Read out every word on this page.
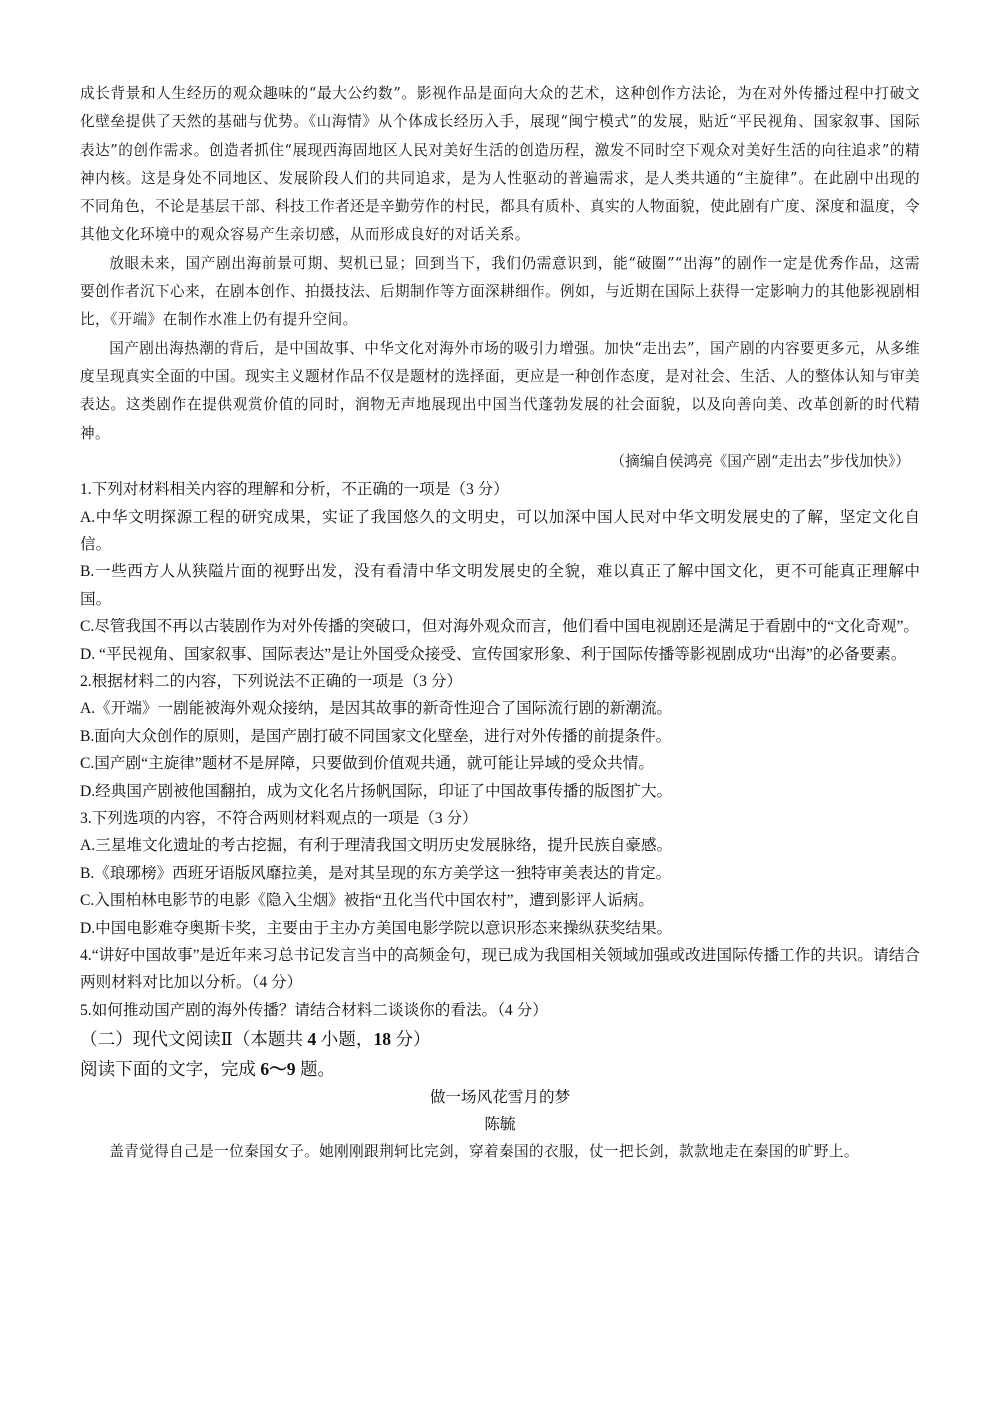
成长背景和人生经历的观众趣味的“最大公约数”。影视作品是面向大众的艺术，这种创作方法论，为在对外传播过程中打破文化壁垒提供了天然的基础与优势。《山海情》从个体成长经历入手，展现“闽宁模式”的发展，贴近“平民视角、国家叙事、国际表达”的创作需求。创造者抓住“展现西海固地区人民对美好生活的创造历程，激发不同时空下观众对美好生活的向往追求”的精神内核。这是身处不同地区、发展阶段人们的共同追求，是为人性驱动的普遍需求，是人类共通的“主旋律”。在此剧中出现的不同角色，不论是基层干部、科技工作者还是辛勤劳作的村民，都具有质朴、真实的人物面貌，使此剧有广度、深度和温度，令其他文化环境中的观众容易产生亲切感，从而形成良好的对话关系。

放眼未来，国产剧出海前景可期、契机已显；回到当下，我们仍需意识到，能“破圈”“出海”的剧作一定是优秀作品，这需要创作者沉下心来，在剧本创作、拍摄技法、后期制作等方面深耕细作。例如，与近期在国际上获得一定影响力的其他影视剧相比，《开端》在制作水准上仍有提升空间。

国产剧出海热潮的背后，是中国故事、中华文化对海外市场的吸引力增强。加快“走出去”，国产剧的内容要更多元，从多维度呈现真实全面的中国。现实主义题材作品不仅是题材的选择面，更应是一种创作态度，是对社会、生活、人的整体认知与审美表达。这类剧作在提供观赏价值的同时，润物无声地展现出中国当代蓬勃发展的社会面貌，以及向善向美、改革创新的时代精神。

（摘编自侯鸿亮《国产剧“走出去”步伐加快》）

1.下列对材料相关内容的理解和分析，不正确的一项是（3 分）

A.中华文明探源工程的研究成果，实证了我国悠久的文明史，可以加深中国人民对中华文明发展史的了解，坚定文化自信。

B.一些西方人从狭隘片面的视野出发，没有看清中华文明发展史的全貌，难以真正了解中国文化，更不可能真正理解中国。

C.尽管我国不再以古装剧作为对外传播的突破口，但对海外观众而言，他们看中国电视剧还是满足于看剧中的“文化奇观”。

D. “平民视角、国家叙事、国际表达”是让外国受众接受、宣传国家形象、利于国际传播等影视剧成功“出海”的必备要素。

2.根据材料二的内容，下列说法不正确的一项是（3 分）

A.《开端》一剧能被海外观众接纳，是因其故事的新奇性迎合了国际流行剧的新潮流。

B.面向大众创作的原则，是国产剧打破不同国家文化壁垒，进行对外传播的前提条件。

C.国产剧“主旋律”题材不是屏障，只要做到价值观共通，就可能让异域的受众共情。

D.经典国产剧被他国翻拍，成为文化名片扬帆国际，印证了中国故事传播的版图扩大。

3.下列选项的内容，不符合两则材料观点的一项是（3 分）

A.三星堆文化遗址的考古挖掘，有利于理清我国文明历史发展脉络，提升民族自豪感。

B.《琅琊榜》西班牙语版风靡拉美，是对其呈现的东方美学这一独特审美表达的肯定。

C.入围柏林电影节的电影《隐入尘烟》被指“丑化当代中国农村”，遭到影评人诟病。

D.中国电影难夺奥斯卡奖，主要由于主办方美国电影学院以意识形态来操纵获奖结果。

4.“讲好中国故事”是近年来习总书记发言当中的高频金句，现已成为我国相关领域加强或改进国际传播工作的共识。请结合两则材料对比加以分析。（4 分）

5.如何推动国产剧的海外传播？请结合材料二谈谈你的看法。（4 分）

（二）现代文阅读Ⅱ（本题共 4 小题，18 分）

阅读下面的文字，完成 6～9 题。

做一场风花雪月的梦

陈毓

盖青觉得自己是一位秦国女子。她刚刚跟荆轲比完剑，穿着秦国的衣服，仗一把长剑，款款地走在秦国的旷野上。
